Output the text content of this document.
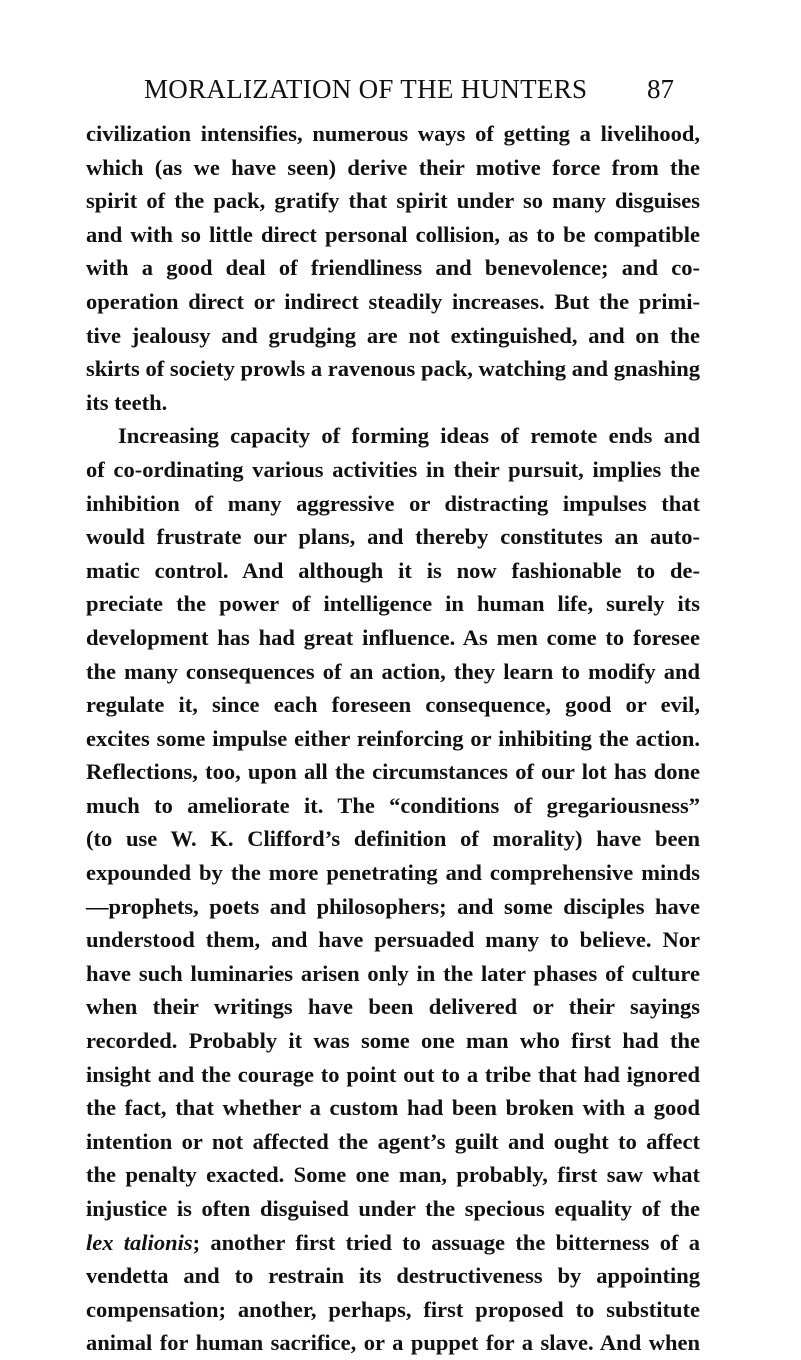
MORALIZATION OF THE HUNTERS 87
civilization intensifies, numerous ways of getting a livelihood,
which (as we have seen) derive their motive force from the
spirit of the pack, gratify that spirit under so many disguises
and with so little direct personal collision, as to be compatible
with a good deal of friendliness and benevolence; and co-
operation direct or indirect steadily increases. But the primi-
tive jealousy and grudging are not extinguished, and on the
skirts of society prowls a ravenous pack, watching and gnashing
its teeth.
Increasing capacity of forming ideas of remote ends and
of co-ordinating various activities in their pursuit, implies the
inhibition of many aggressive or distracting impulses that
would frustrate our plans, and thereby constitutes an auto-
matic control. And although it is now fashionable to de-
preciate the power of intelligence in human life, surely its
development has had great influence. As men come to foresee
the many consequences of an action, they learn to modify and
regulate it, since each foreseen consequence, good or evil,
excites some impulse either reinforcing or inhibiting the action.
Reflections, too, upon all the circumstances of our lot has done
much to ameliorate it. The “conditions of gregariousness”
(to use W. K. Clifford’s definition of morality) have been
expounded by the more penetrating and comprehensive minds
—prophets, poets and philosophers; and some disciples have
understood them, and have persuaded many to believe. Nor
have such luminaries arisen only in the later phases of culture
when their writings have been delivered or their sayings
recorded. Probably it was some one man who first had the
insight and the courage to point out to a tribe that had ignored
the fact, that whether a custom had been broken with a good
intention or not affected the agent’s guilt and ought to affect
the penalty exacted. Some one man, probably, first saw what
injustice is often disguised under the specious equality of the
lex talionis; another first tried to assuage the bitterness of a
vendetta and to restrain its destructiveness by appointing
compensation; another, perhaps, first proposed to substitute
animal for human sacrifice, or a puppet for a slave. And when
